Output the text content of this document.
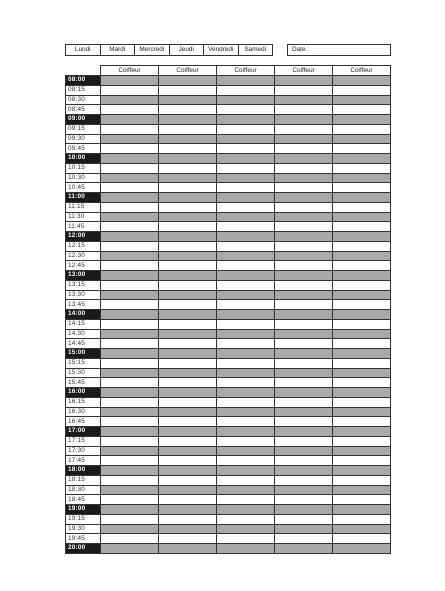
Lundi	Mardi	Mercredi	Jeudi	Vendredi	Samedi	Date :
	Coiffeur	Coiffeur	Coiffeur	Coiffeur	Coiffeur
08:00					
08:15					
08:30					
08:45					
09:00					
09:15					
09:30					
09:45					
10:00					
10:15					
10:30					
10:45					
11:00					
11:15					
11:30					
11:45					
12:00					
12:15					
12:30					
12:45					
13:00					
13:15					
13:30					
13:45					
14:00					
14:15					
14:30					
14:45					
15:00					
15:15					
15:30					
15:45					
16:00					
16:15					
16:30					
16:45					
17:00					
17:15					
17:30					
17:45					
18:00					
18:15					
18:30					
18:45					
19:00					
19:15					
19:30					
19:45					
20:00					
